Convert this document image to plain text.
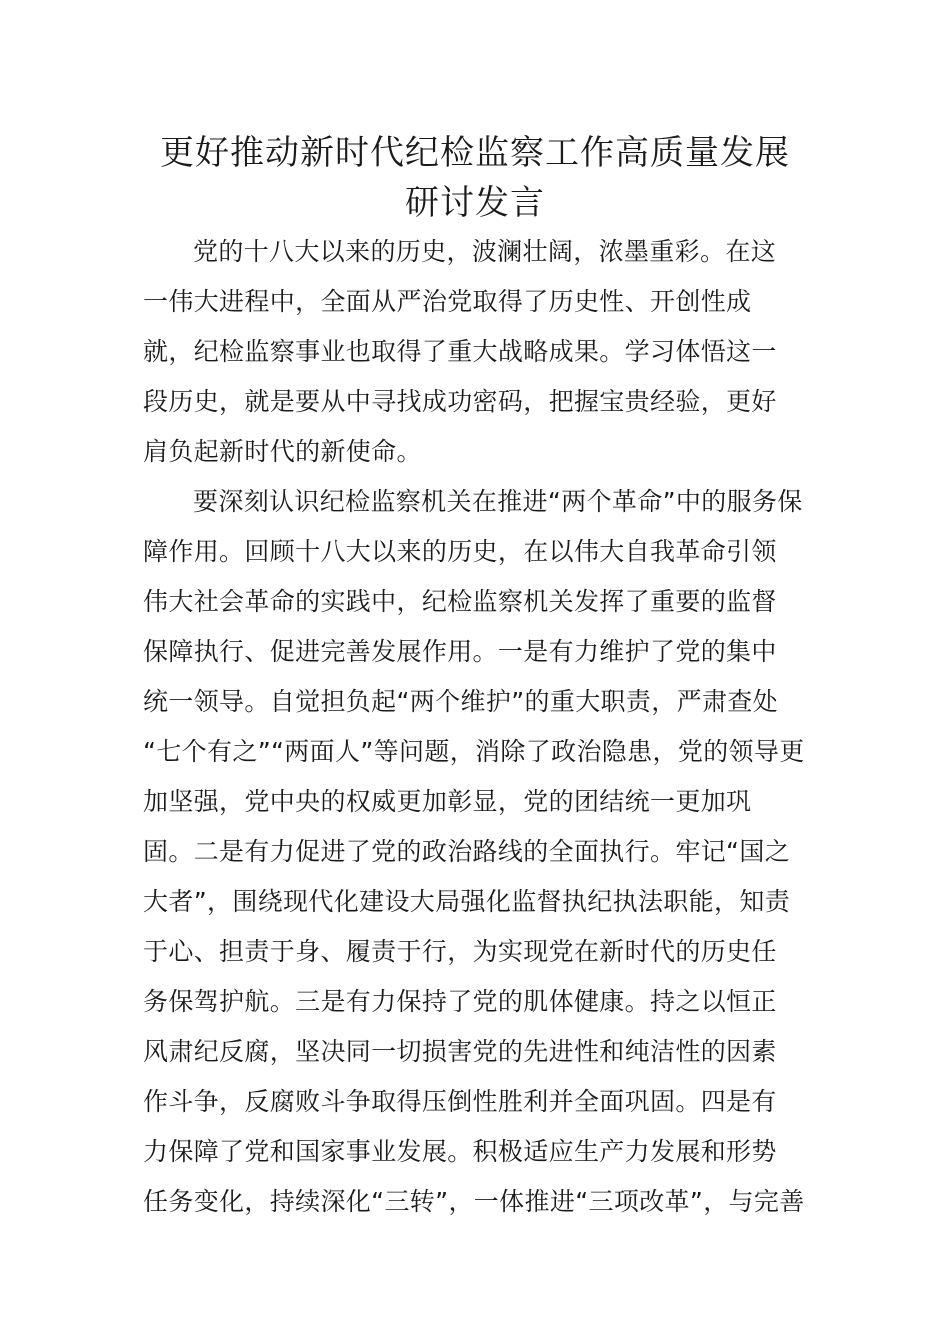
更好推动新时代纪检监察工作高质量发展
研讨发言
党的十八大以来的历史，波澜壮阔，浓墨重彩。在这
一伟大进程中，全面从严治党取得了历史性、开创性成
就，纪检监察事业也取得了重大战略成果。学习体悟这一
段历史，就是要从中寻找成功密码，把握宝贵经验，更好
肩负起新时代的新使命。
要深刻认识纪检监察机关在推进“两个革命”中的服务保
障作用。回顾十八大以来的历史，在以伟大自我革命引领
伟大社会革命的实践中，纪检监察机关发挥了重要的监督
保障执行、促进完善发展作用。一是有力维护了党的集中
统一领导。自觉担负起“两个维护”的重大职责，严肃查处
“七个有之”“两面人”等问题，消除了政治隐患，党的领导更
加坚强，党中央的权威更加彰显，党的团结统一更加巩
固。二是有力促进了党的政治路线的全面执行。牢记“国之
大者”，围绕现代化建设大局强化监督执纪执法职能，知责
于心、担责于身、履责于行，为实现党在新时代的历史任
务保驾护航。三是有力保持了党的肌体健康。持之以恒正
风肃纪反腐，坚决同一切损害党的先进性和纯洁性的因素
作斗争，反腐败斗争取得压倒性胜利并全面巩固。四是有
力保障了党和国家事业发展。积极适应生产力发展和形势
任务变化，持续深化“三转”，一体推进“三项改革”，与完善
